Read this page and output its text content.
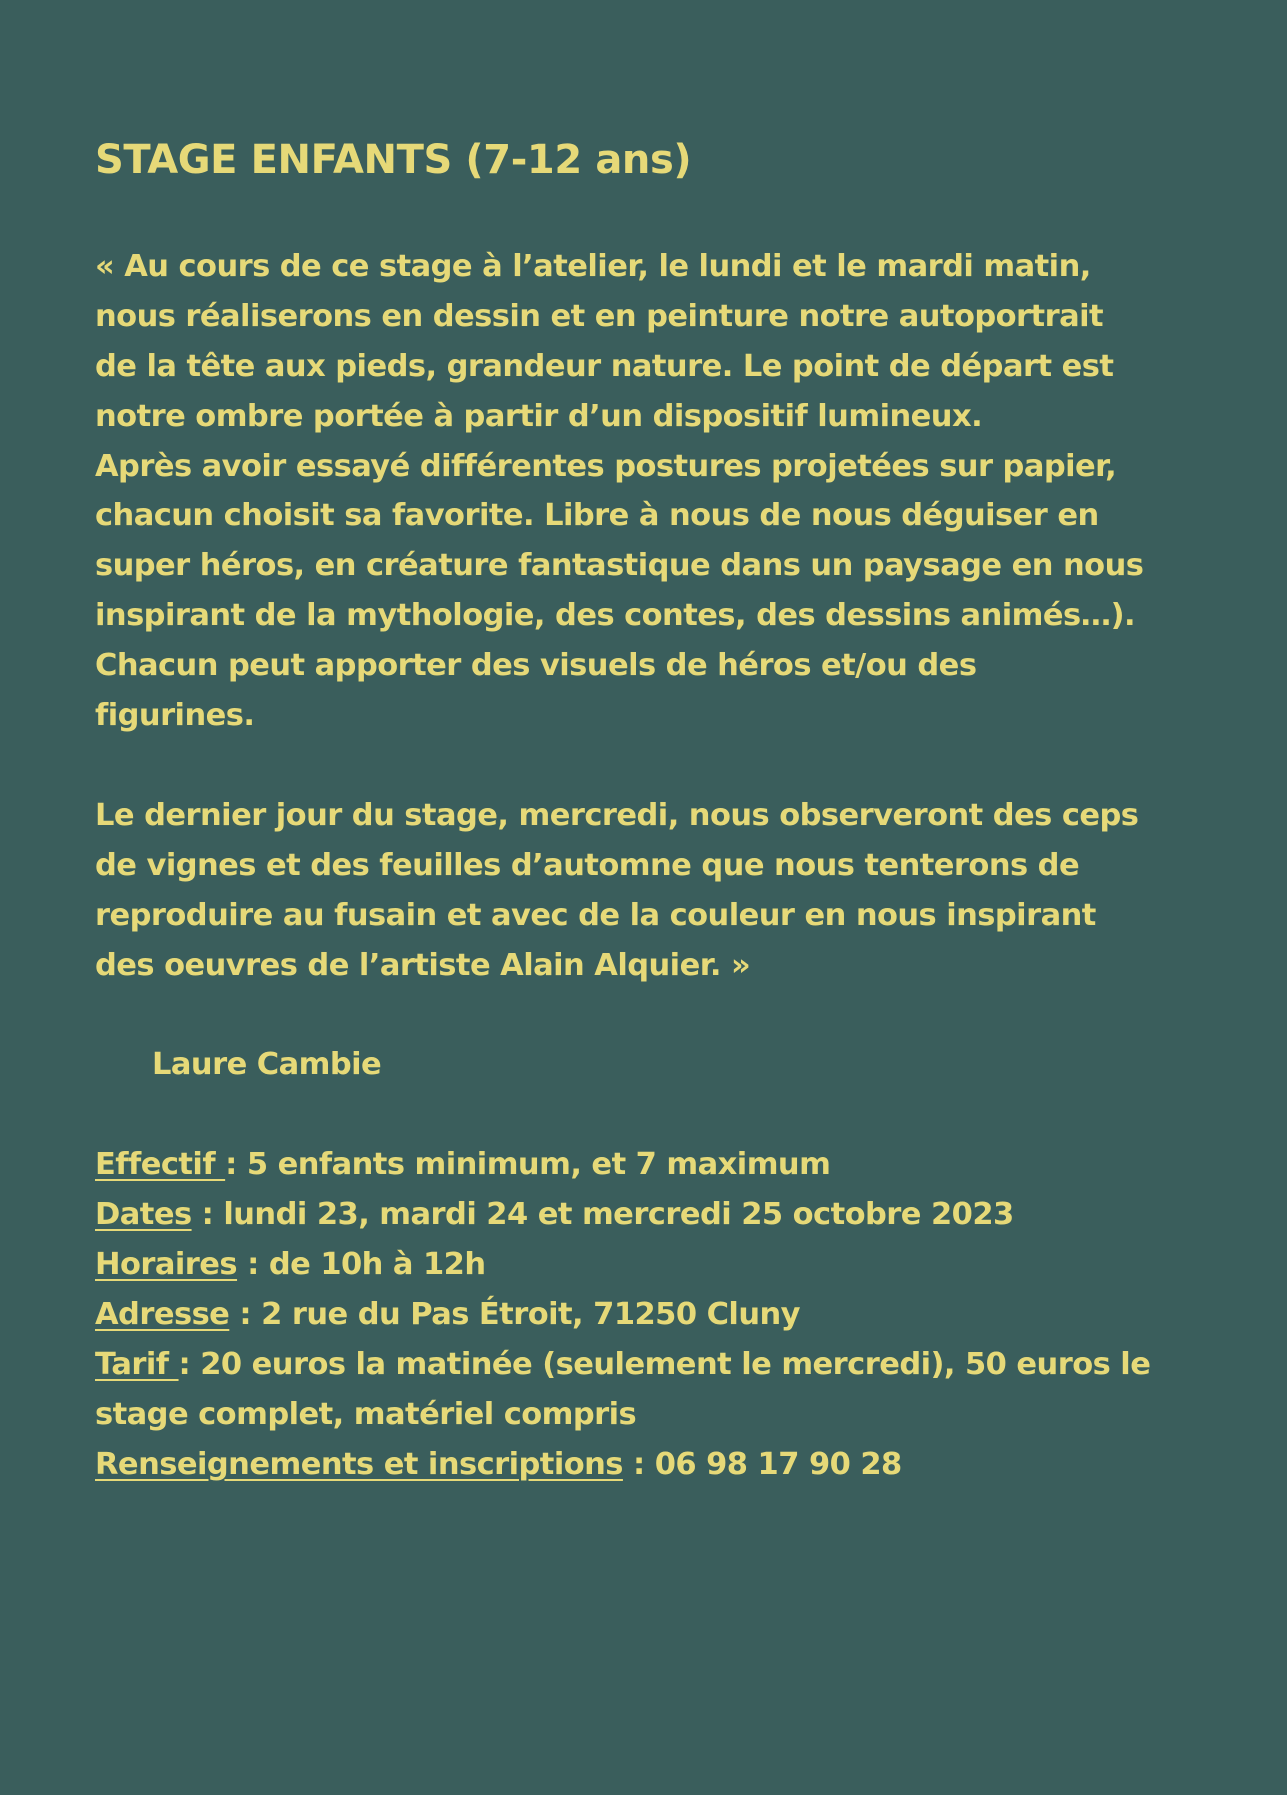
STAGE ENFANTS (7-12 ans)
« Au cours de ce stage à l’atelier, le lundi et le mardi matin,
nous réaliserons en dessin et en peinture notre autoportrait
de la tête aux pieds, grandeur nature. Le point de départ est
notre ombre portée à partir d’un dispositif lumineux.
Après avoir essayé différentes postures projetées sur papier,
chacun choisit sa favorite. Libre à nous de nous déguiser en
super héros, en créature fantastique dans un paysage en nous
inspirant de la mythologie, des contes, des dessins animés…).
Chacun peut apporter des visuels de héros et/ou des
figurines.
Le dernier jour du stage, mercredi, nous observeront des ceps
de vignes et des feuilles d’automne que nous tenterons de
reproduire au fusain et avec de la couleur en nous inspirant
des oeuvres de l’artiste Alain Alquier. »
Laure Cambie
Effectif : 5 enfants minimum, et 7 maximum
Dates : lundi 23, mardi 24 et mercredi 25 octobre 2023
Horaires : de 10h à 12h
Adresse : 2 rue du Pas Étroit, 71250 Cluny
Tarif : 20 euros la matinée (seulement le mercredi), 50 euros le
stage complet, matériel compris
Renseignements et inscriptions : 06 98 17 90 28
